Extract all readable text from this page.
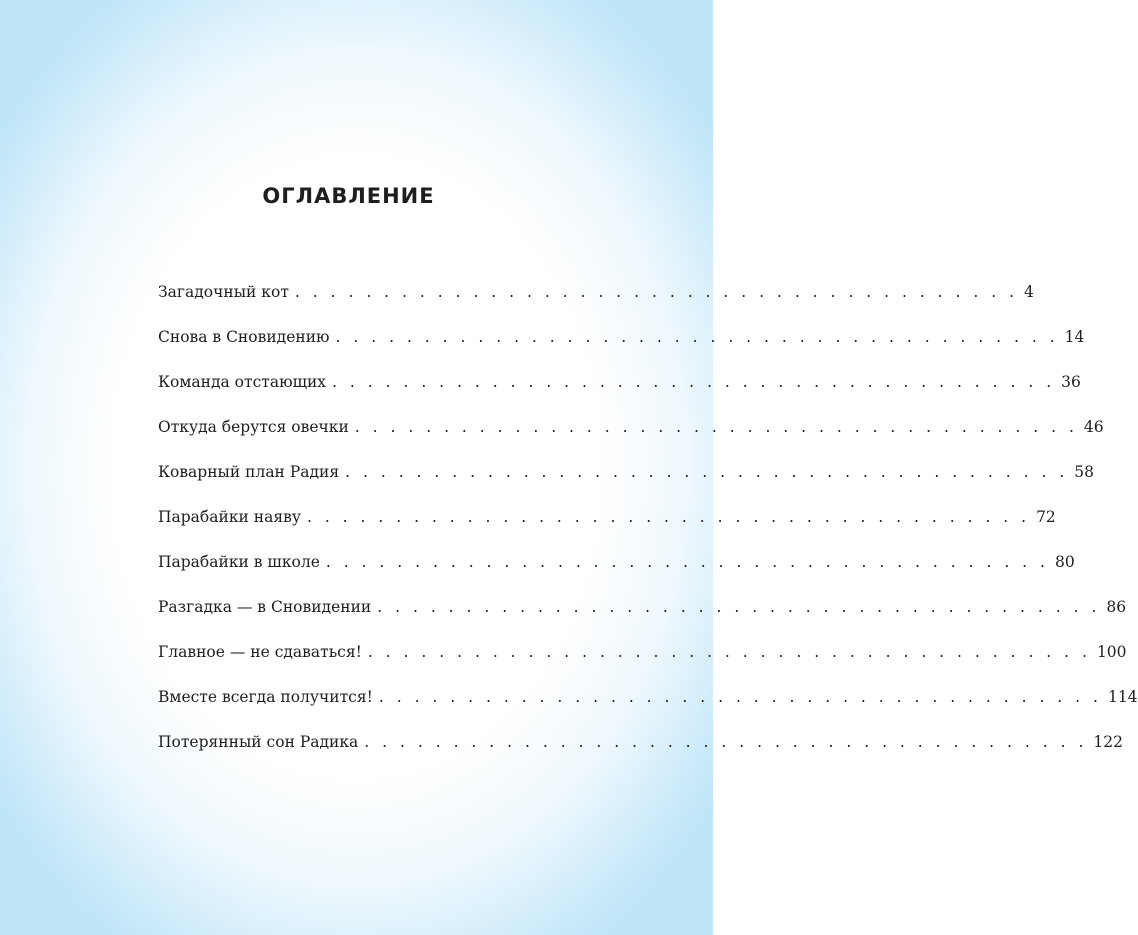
ОГЛАВЛЕНИЕ
Загадочный кот . . . . . . . . . . . . . . . . . . . . . . . . . . . . . . . . . . . . . . . . . 4
Снова в Сновидению . . . . . . . . . . . . . . . . . . . . . . . . . . . . . . . . . . . . . . . . . 14
Команда отстающих . . . . . . . . . . . . . . . . . . . . . . . . . . . . . . . . . . . . . . . . . 36
Откуда берутся овечки . . . . . . . . . . . . . . . . . . . . . . . . . . . . . . . . . . . . . . . . . 46
Коварный план Радия . . . . . . . . . . . . . . . . . . . . . . . . . . . . . . . . . . . . . . . . . 58
Парабайки наяву . . . . . . . . . . . . . . . . . . . . . . . . . . . . . . . . . . . . . . . . . 72
Парабайки в школе . . . . . . . . . . . . . . . . . . . . . . . . . . . . . . . . . . . . . . . . . 80
Разгадка — в Сновидении . . . . . . . . . . . . . . . . . . . . . . . . . . . . . . . . . . . . . . . . . 86
Главное — не сдаваться! . . . . . . . . . . . . . . . . . . . . . . . . . . . . . . . . . . . . . . . . . 100
Вместе всегда получится! . . . . . . . . . . . . . . . . . . . . . . . . . . . . . . . . . . . . . . . . . 114
Потерянный сон Радика . . . . . . . . . . . . . . . . . . . . . . . . . . . . . . . . . . . . . . . . . 122
